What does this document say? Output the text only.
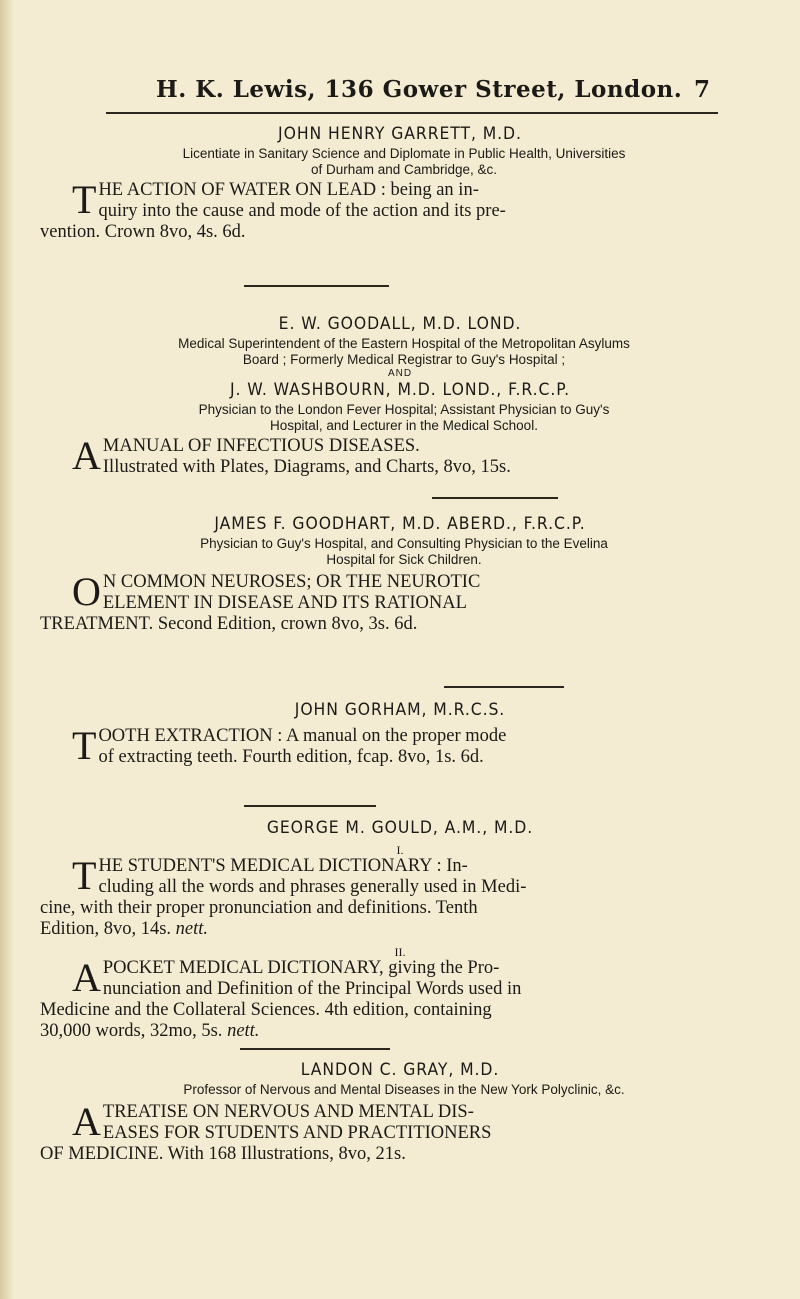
H. K. Lewis, 136 Gower Street, London. 7
JOHN HENRY GARRETT, M.D.
Licentiate in Sanitary Science and Diplomate in Public Health, Universities
of Durham and Cambridge, &c.
T HE ACTION OF WATER ON LEAD : being an in-
quiry into the cause and mode of the action and its pre-
vention. Crown 8vo, 4s. 6d.
E. W. GOODALL, M.D. LOND.
Medical Superintendent of the Eastern Hospital of the Metropolitan Asylums
Board ; Formerly Medical Registrar to Guy's Hospital ;
AND
J. W. WASHBOURN, M.D. LOND., F.R.C.P.
Physician to the London Fever Hospital; Assistant Physician to Guy's
Hospital, and Lecturer in the Medical School.
A MANUAL OF INFECTIOUS DISEASES.
Illustrated with Plates, Diagrams, and Charts, 8vo, 15s.
JAMES F. GOODHART, M.D. ABERD., F.R.C.P.
Physician to Guy's Hospital, and Consulting Physician to the Evelina
Hospital for Sick Children.
O N COMMON NEUROSES; OR THE NEUROTIC
ELEMENT IN DISEASE AND ITS RATIONAL
TREATMENT. Second Edition, crown 8vo, 3s. 6d.
JOHN GORHAM, M.R.C.S.
T OOTH EXTRACTION : A manual on the proper mode
of extracting teeth. Fourth edition, fcap. 8vo, 1s. 6d.
GEORGE M. GOULD, A.M., M.D.
I.
T HE STUDENT'S MEDICAL DICTIONARY : In-
cluding all the words and phrases generally used in Medi-
cine, with their proper pronunciation and definitions. Tenth
Edition, 8vo, 14s. nett.
II.
A POCKET MEDICAL DICTIONARY, giving the Pro-
nunciation and Definition of the Principal Words used in
Medicine and the Collateral Sciences. 4th edition, containing
30,000 words, 32mo, 5s. nett.
LANDON C. GRAY, M.D.
Professor of Nervous and Mental Diseases in the New York Polyclinic, &c.
A TREATISE ON NERVOUS AND MENTAL DIS-
EASES FOR STUDENTS AND PRACTITIONERS
OF MEDICINE. With 168 Illustrations, 8vo, 21s.
